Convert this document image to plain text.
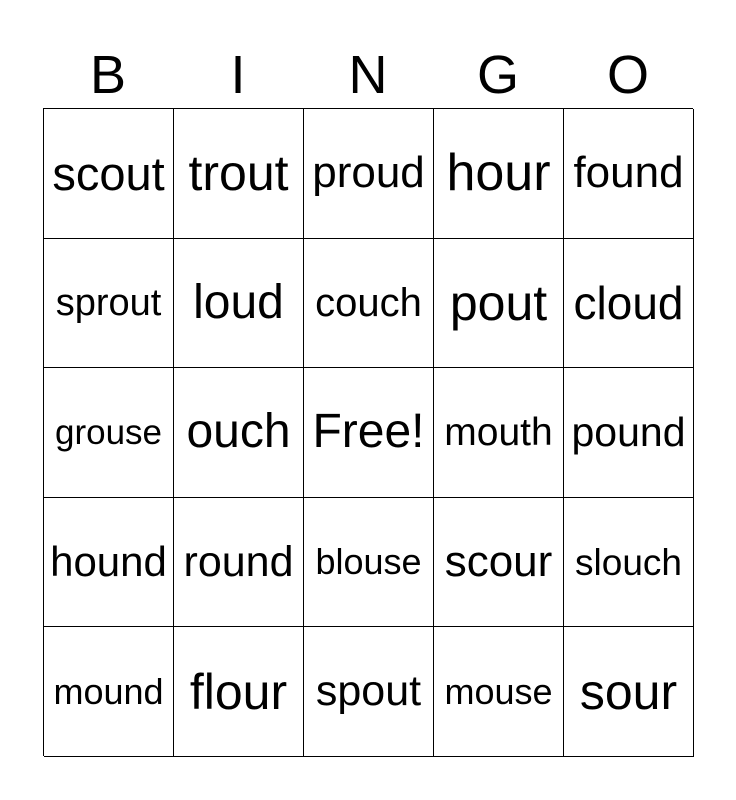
B	I	N	G	O
scout trout proud hour found
sprout loud couch pout cloud
grouse ouch Free! mouth pound
hound round blouse scour slouch
mound flour spout mouse sour
